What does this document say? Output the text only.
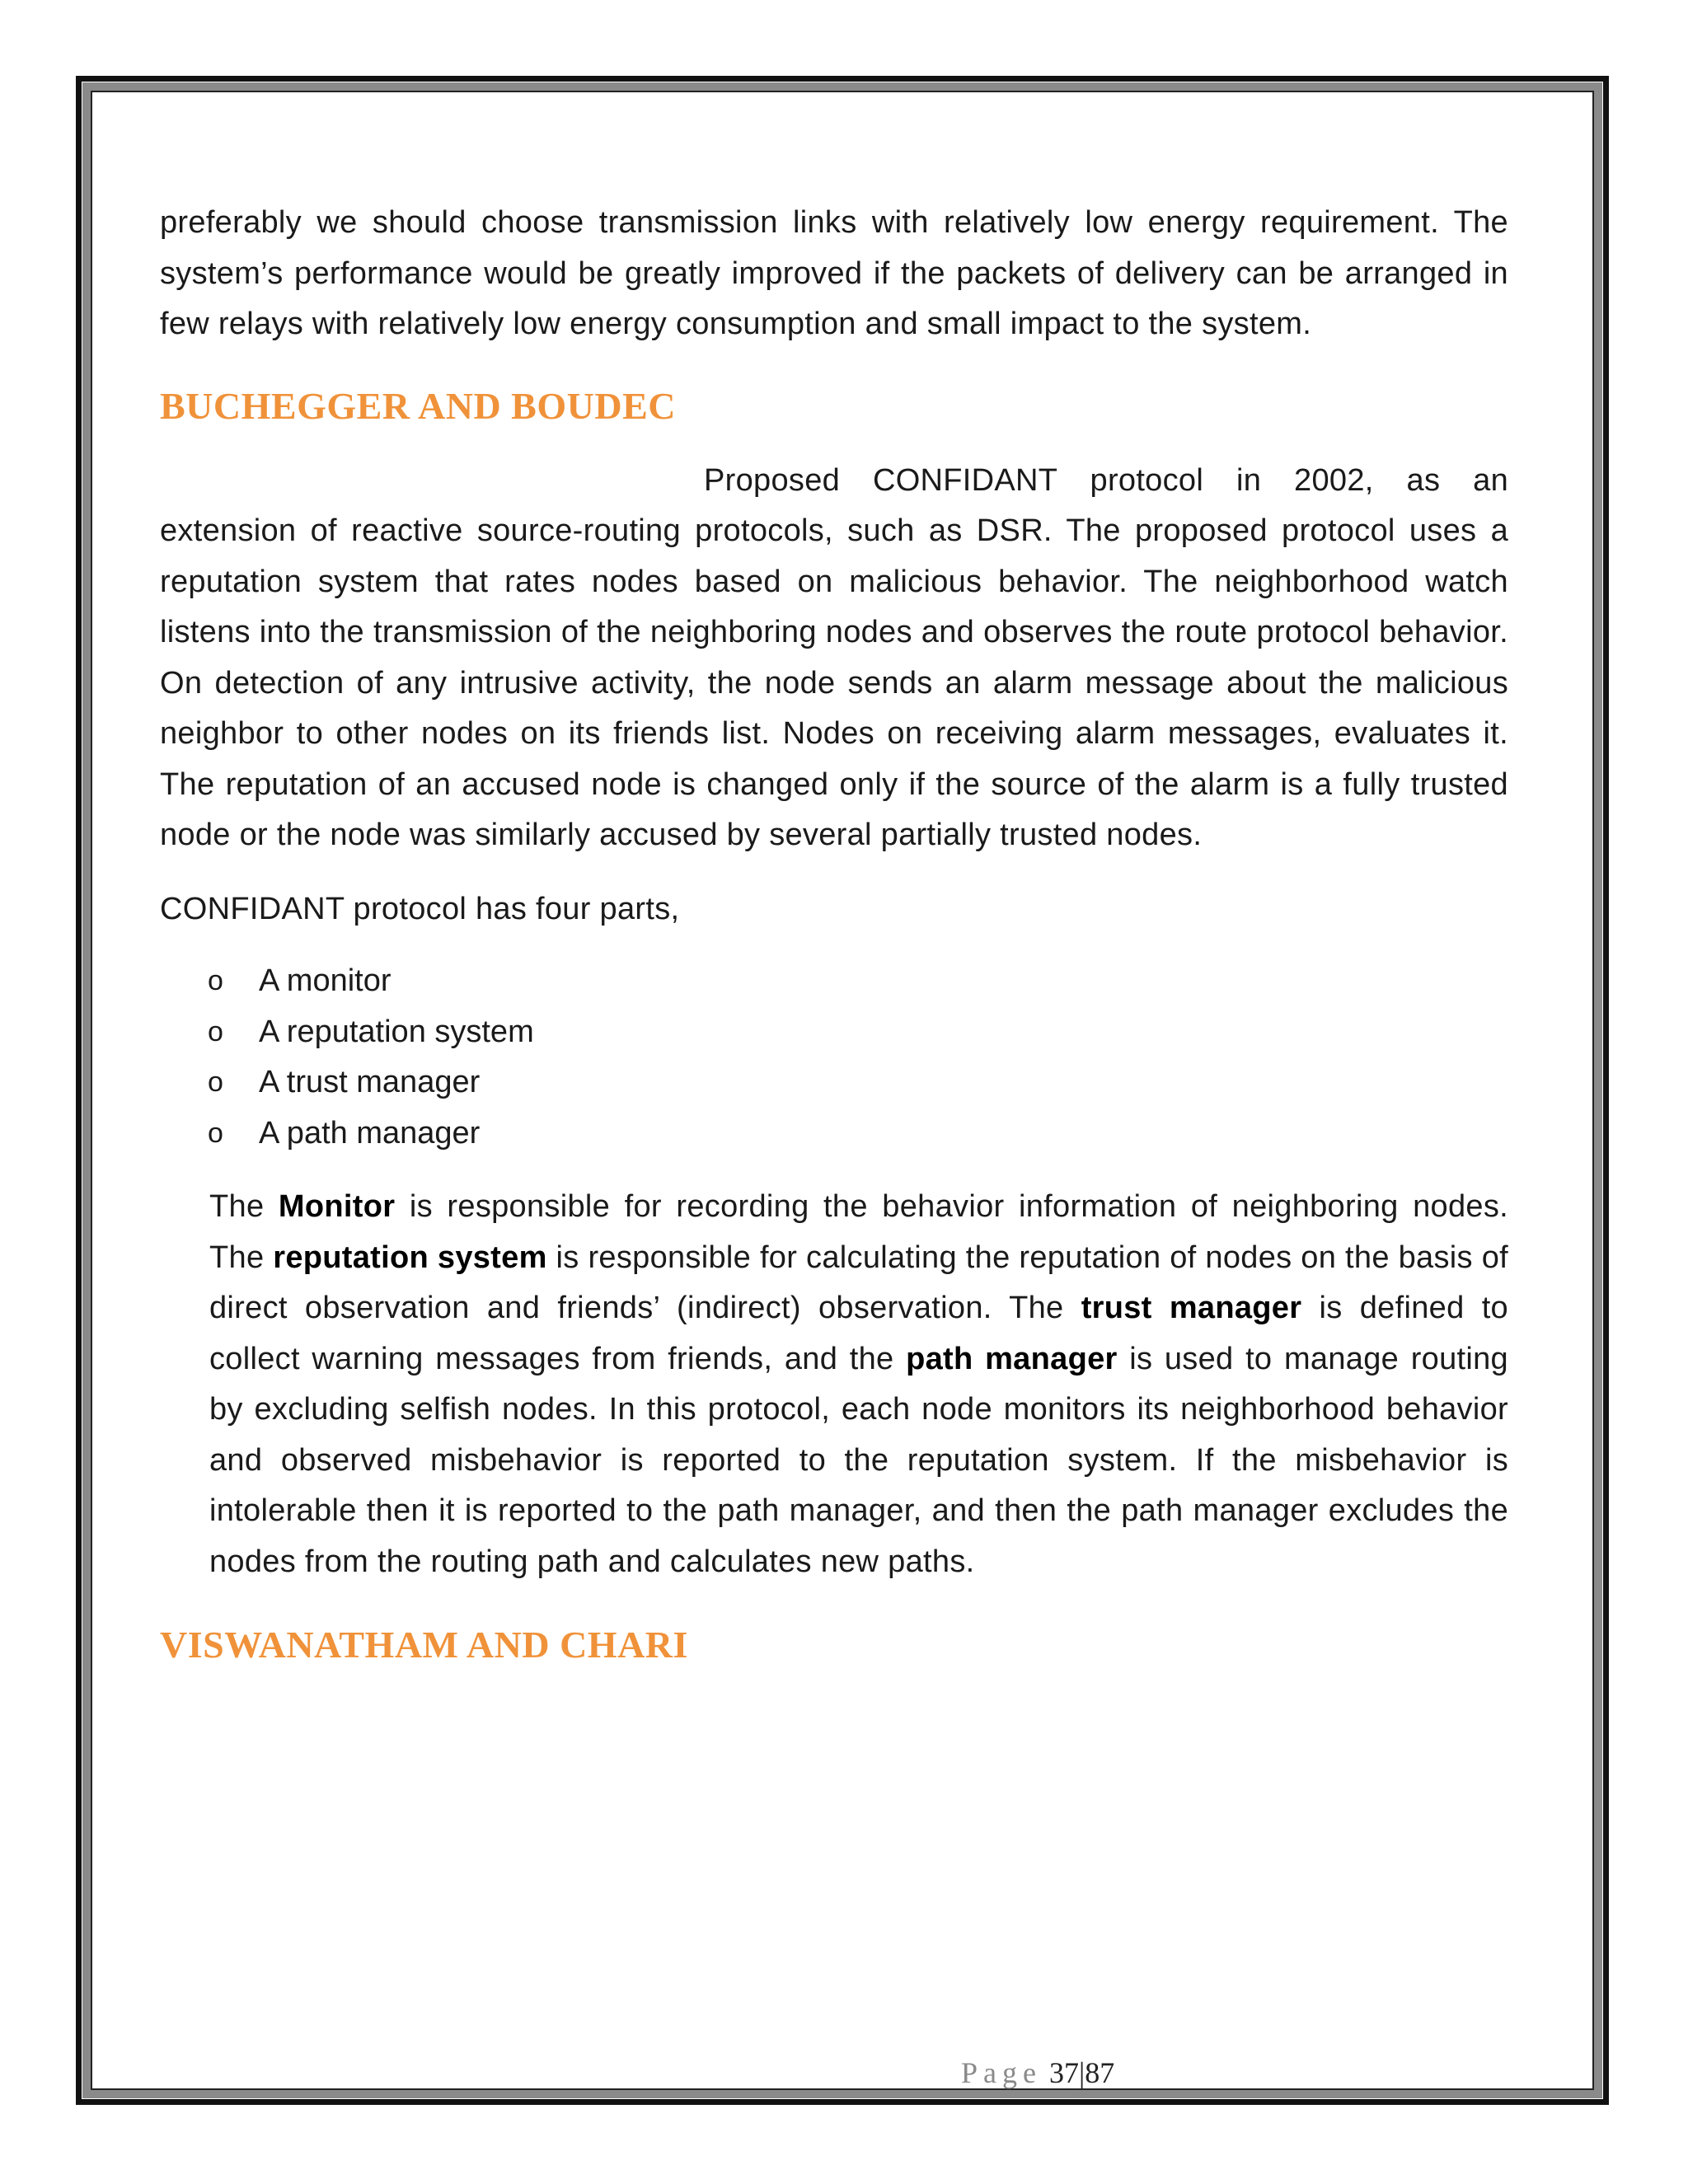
preferably we should choose transmission links with relatively low energy requirement. The system’s performance would be greatly improved if the packets of delivery can be arranged in few relays with relatively low energy consumption and small impact to the system.

BUCHEGGER AND BOUDEC

Proposed CONFIDANT protocol in 2002, as an extension of reactive source-routing protocols, such as DSR. The proposed protocol uses a reputation system that rates nodes based on malicious behavior. The neighborhood watch listens into the transmission of the neighboring nodes and observes the route protocol behavior. On detection of any intrusive activity, the node sends an alarm message about the malicious neighbor to other nodes on its friends list. Nodes on receiving alarm messages, evaluates it. The reputation of an accused node is changed only if the source of the alarm is a fully trusted node or the node was similarly accused by several partially trusted nodes.

CONFIDANT protocol has four parts,

o A monitor
o A reputation system
o A trust manager
o A path manager

The Monitor is responsible for recording the behavior information of neighboring nodes. The reputation system is responsible for calculating the reputation of nodes on the basis of direct observation and friends’ (indirect) observation. The trust manager is defined to collect warning messages from friends, and the path manager is used to manage routing by excluding selfish nodes. In this protocol, each node monitors its neighborhood behavior and observed misbehavior is reported to the reputation system. If the misbehavior is intolerable then it is reported to the path manager, and then the path manager excludes the nodes from the routing path and calculates new paths.

VISWANATHAM AND CHARI
Page 37|87
